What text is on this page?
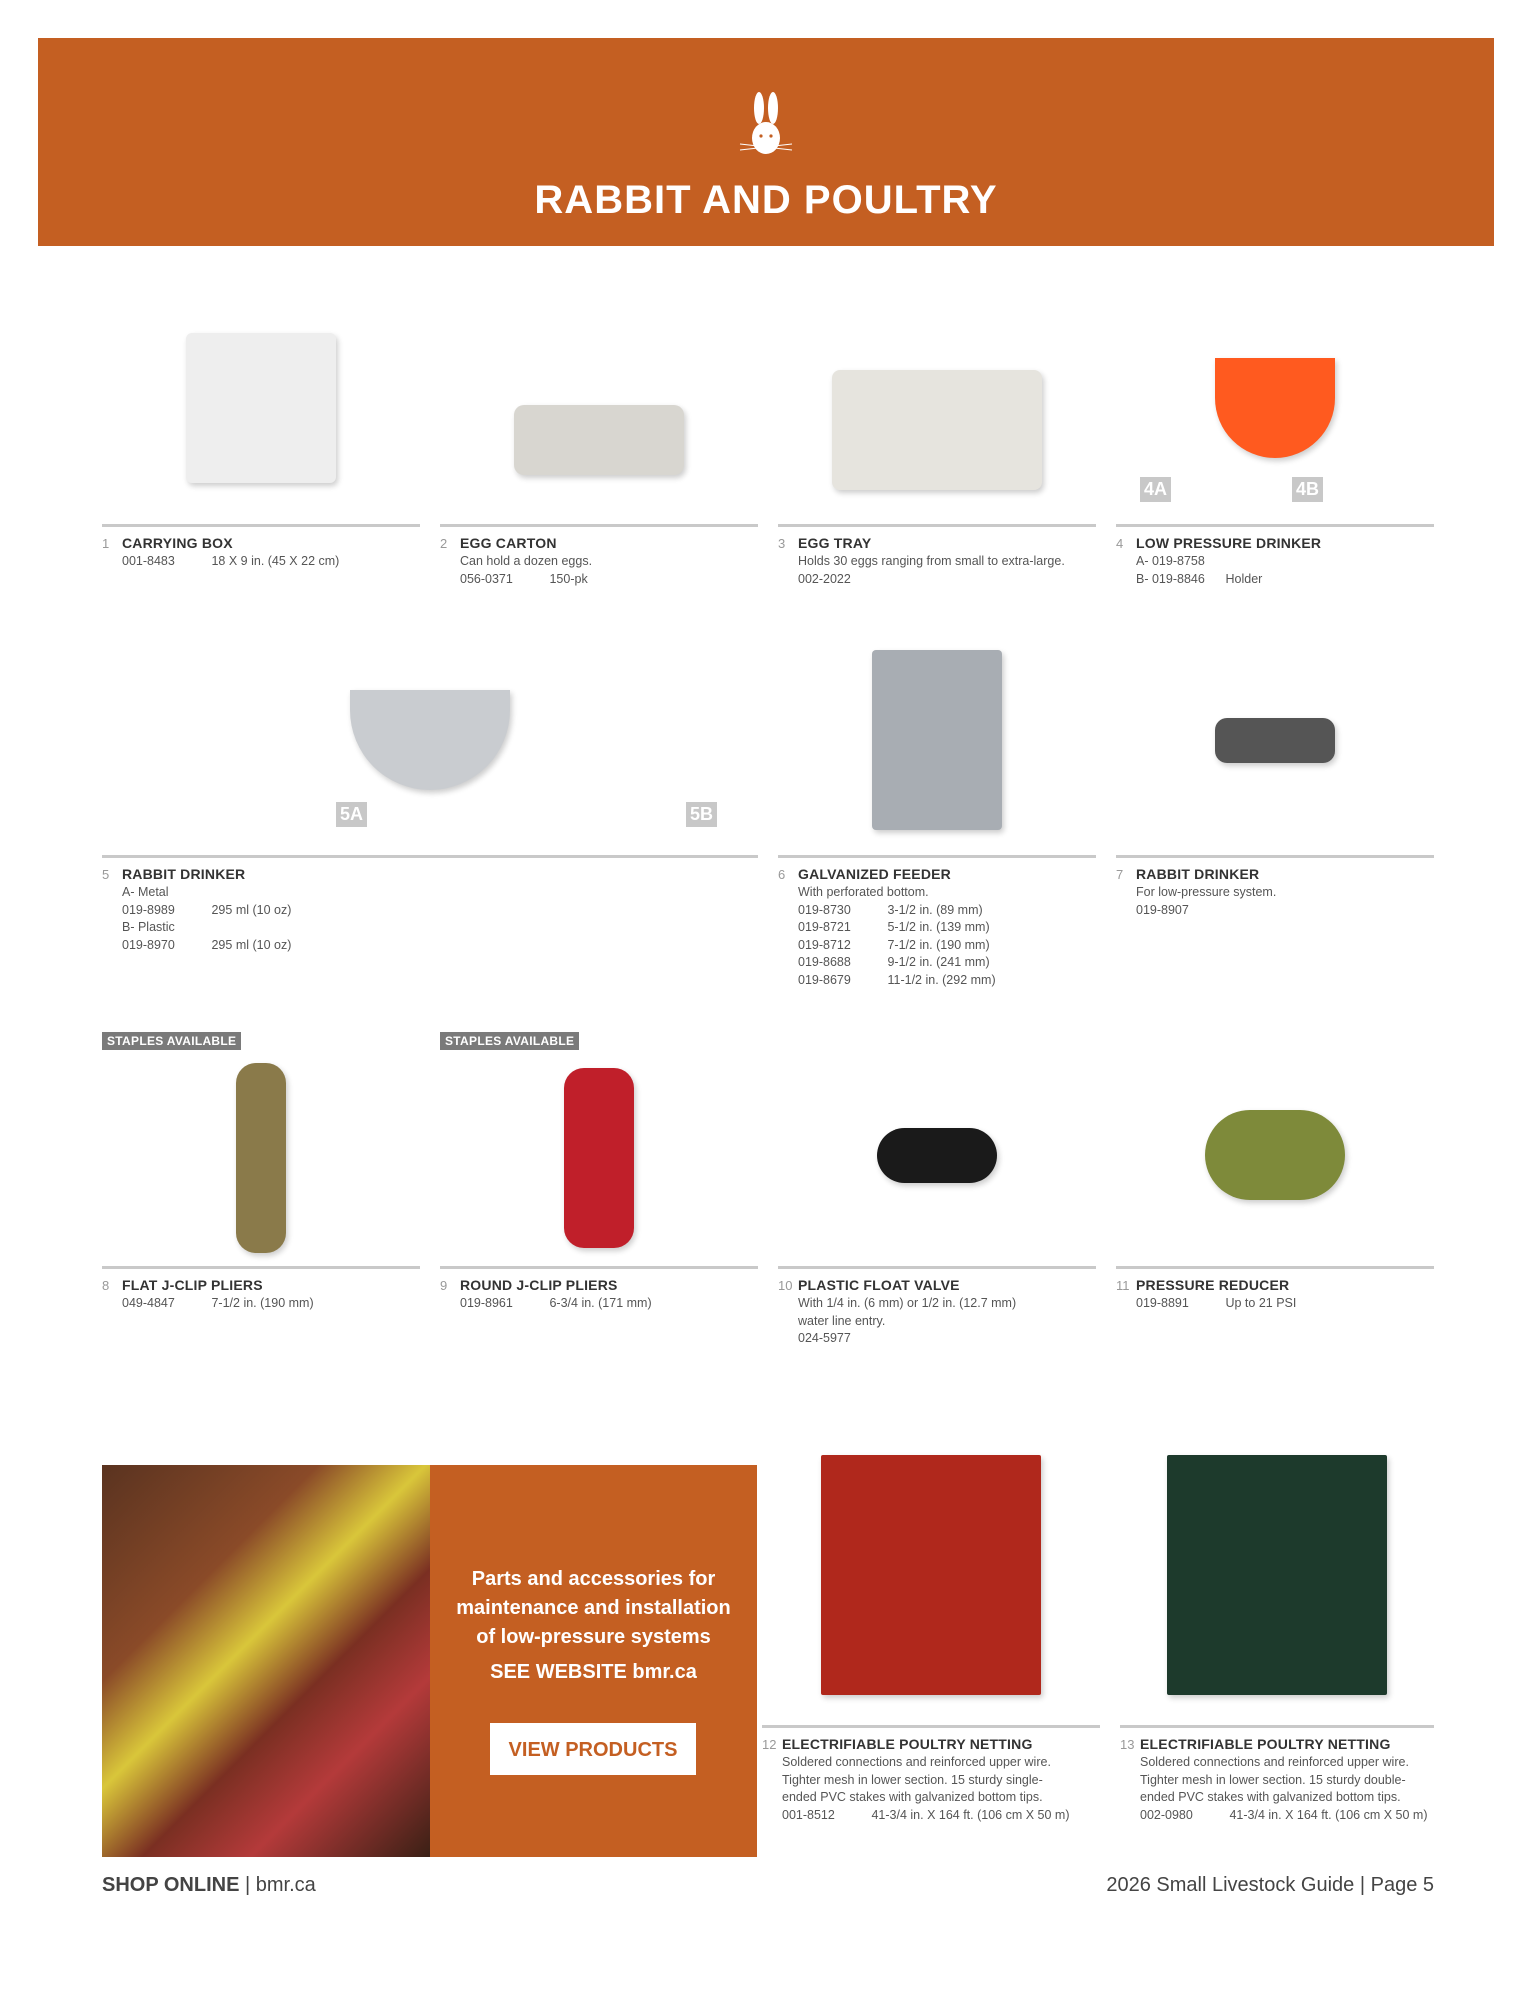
RABBIT AND POULTRY
1 CARRYING BOX
001-8483	18 X 9 in. (45 X 22 cm)
2 EGG CARTON
Can hold a dozen eggs.
056-0371	150-pk
3 EGG TRAY
Holds 30 eggs ranging from small to extra-large.
002-2022
4A	4B
4 LOW PRESSURE DRINKER
A- 019-8758
B- 019-8846 Holder
5A	5B
5 RABBIT DRINKER
A- Metal
019-8989	295 ml (10 oz)
B- Plastic
019-8970	295 ml (10 oz)
6 GALVANIZED FEEDER
With perforated bottom.
019-8730	3-1/2 in. (89 mm)
019-8721	5-1/2 in. (139 mm)
019-8712	7-1/2 in. (190 mm)
019-8688	9-1/2 in. (241 mm)
019-8679	11-1/2 in. (292 mm)
7 RABBIT DRINKER
For low-pressure system.
019-8907
STAPLES AVAILABLE
8 FLAT J-CLIP PLIERS
049-4847	7-1/2 in. (190 mm)
STAPLES AVAILABLE
9 ROUND J-CLIP PLIERS
019-8961	6-3/4 in. (171 mm)
10 PLASTIC FLOAT VALVE
With 1/4 in. (6 mm) or 1/2 in. (12.7 mm)
water line entry.
024-5977
11 PRESSURE REDUCER
019-8891	Up to 21 PSI
12 ELECTRIFIABLE POULTRY NETTING
Soldered connections and reinforced upper wire.
Tighter mesh in lower section. 15 sturdy single-
ended PVC stakes with galvanized bottom tips.
001-8512	41-3/4 in. X 164 ft. (106 cm X 50 m)
13 ELECTRIFIABLE POULTRY NETTING
Soldered connections and reinforced upper wire.
Tighter mesh in lower section. 15 sturdy double-
ended PVC stakes with galvanized bottom tips.
002-0980	41-3/4 in. X 164 ft. (106 cm X 50 m)
Parts and accessories for maintenance and installation of low-pressure systems
SEE WEBSITE bmr.ca
VIEW PRODUCTS
SHOP ONLINE | bmr.ca	2026 Small Livestock Guide | Page 5
